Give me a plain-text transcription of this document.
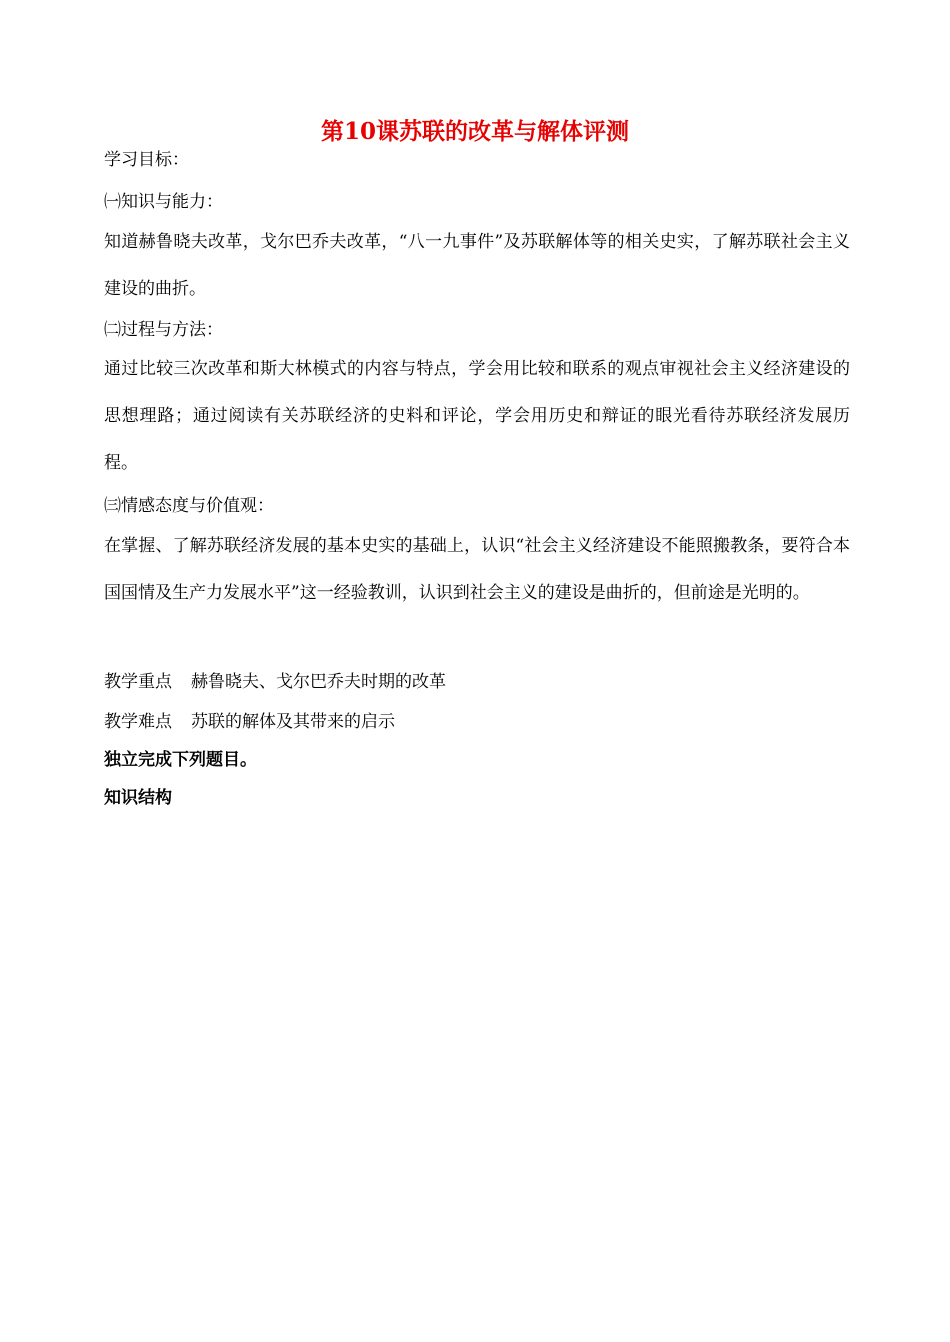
第10课苏联的改革与解体评测
学习目标：
㈠知识与能力：
知道赫鲁晓夫改革，戈尔巴乔夫改革，“八一九事件”及苏联解体等的相关史实，了解苏联社会主义建设的曲折。
㈡过程与方法：
通过比较三次改革和斯大林模式的内容与特点，学会用比较和联系的观点审视社会主义经济建设的思想理路；通过阅读有关苏联经济的史料和评论，学会用历史和辩证的眼光看待苏联经济发展历程。
㈢情感态度与价值观：
在掌握、了解苏联经济发展的基本史实的基础上，认识“社会主义经济建设不能照搬教条，要符合本国国情及生产力发展水平”这一经验教训，认识到社会主义的建设是曲折的，但前途是光明的。
教学重点 赫鲁晓夫、戈尔巴乔夫时期的改革
教学难点 苏联的解体及其带来的启示
独立完成下列题目。
知识结构
